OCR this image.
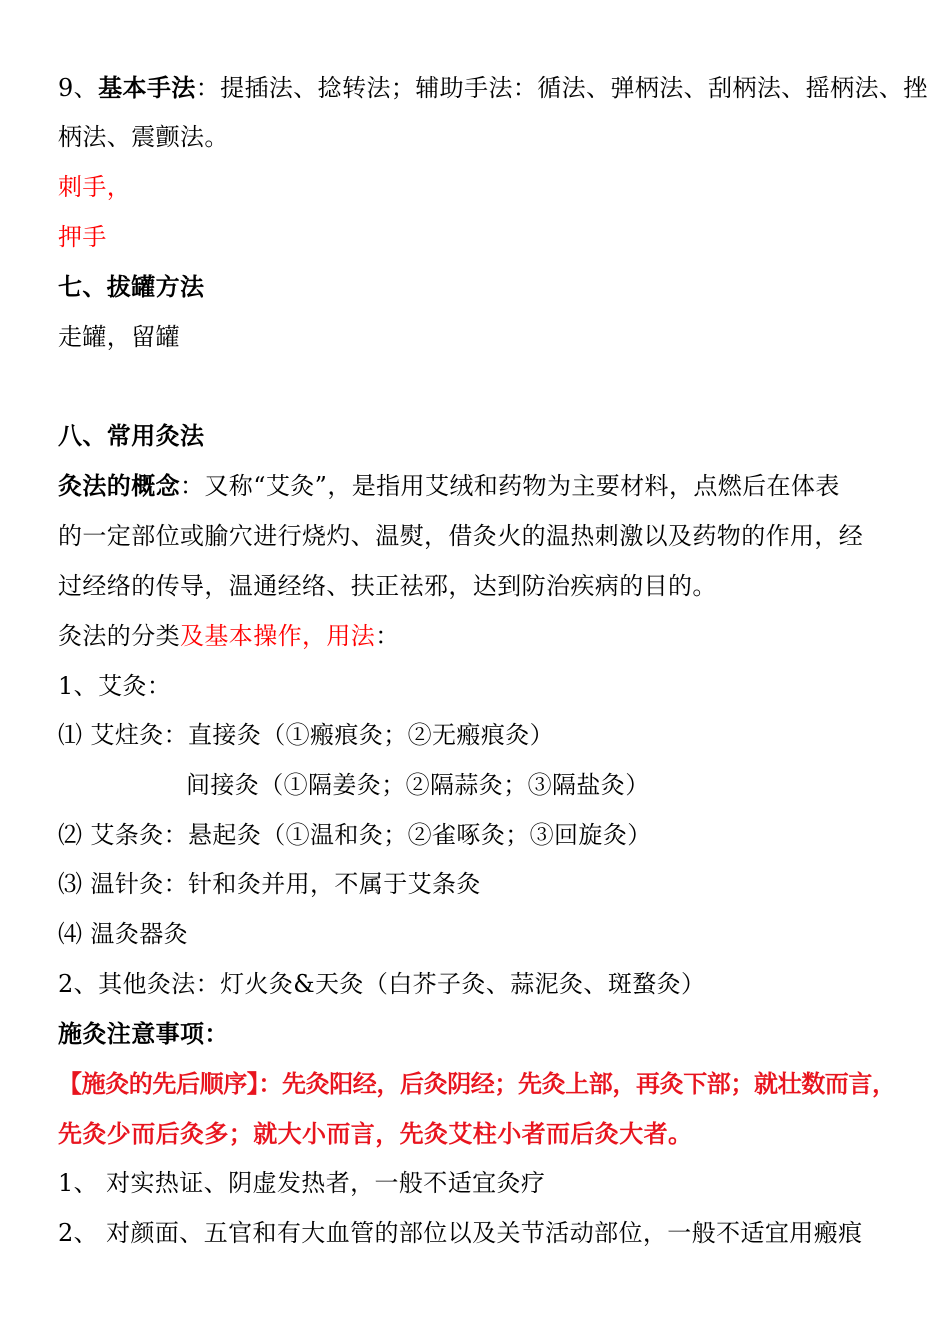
9、基本手法：提插法、捻转法；辅助手法：循法、弹柄法、刮柄法、摇柄法、挫
柄法、震颤法。
刺手，
押手
七、拔罐方法
走罐，留罐
八、常用灸法
灸法的概念：又称“艾灸”，是指用艾绒和药物为主要材料，点燃后在体表
的一定部位或腧穴进行烧灼、温熨，借灸火的温热刺激以及药物的作用，经
过经络的传导，温通经络、扶正祛邪，达到防治疾病的目的。
灸法的分类及基本操作，用法：
1、艾灸：
⑴ 艾炷灸：直接灸（①瘢痕灸；②无瘢痕灸）
间接灸（①隔姜灸；②隔蒜灸；③隔盐灸）
⑵ 艾条灸：悬起灸（①温和灸；②雀啄灸；③回旋灸）
⑶ 温针灸：针和灸并用，不属于艾条灸
⑷ 温灸器灸
2、其他灸法：灯火灸&天灸（白芥子灸、蒜泥灸、斑蝥灸）
施灸注意事项：
【施灸的先后顺序】：先灸阳经，后灸阴经；先灸上部，再灸下部；就壮数而言，
先灸少而后灸多；就大小而言，先灸艾柱小者而后灸大者。
1、 对实热证、阴虚发热者，一般不适宜灸疗
2、 对颜面、五官和有大血管的部位以及关节活动部位，一般不适宜用瘢痕
